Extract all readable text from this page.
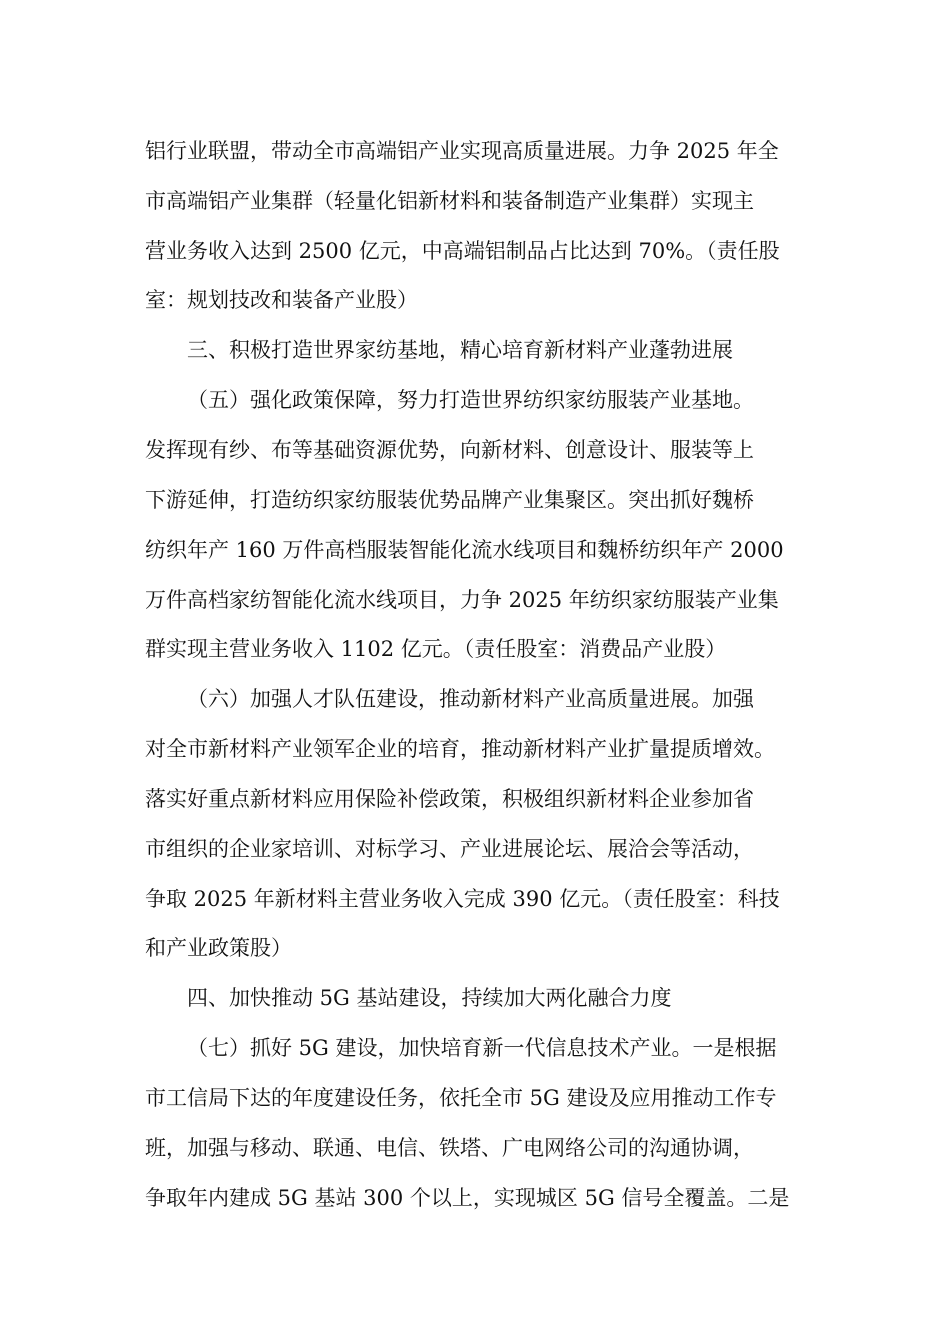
铝行业联盟，带动全市高端铝产业实现高质量进展。力争 2025 年全
市高端铝产业集群（轻量化铝新材料和装备制造产业集群）实现主
营业务收入达到 2500 亿元，中高端铝制品占比达到 70%。（责任股
室：规划技改和装备产业股）
三、积极打造世界家纺基地，精心培育新材料产业蓬勃进展
（五）强化政策保障，努力打造世界纺织家纺服装产业基地。
发挥现有纱、布等基础资源优势，向新材料、创意设计、服装等上
下游延伸，打造纺织家纺服装优势品牌产业集聚区。突出抓好魏桥
纺织年产 160 万件高档服装智能化流水线项目和魏桥纺织年产 2000
万件高档家纺智能化流水线项目，力争 2025 年纺织家纺服装产业集
群实现主营业务收入 1102 亿元。（责任股室：消费品产业股）
（六）加强人才队伍建设，推动新材料产业高质量进展。加强
对全市新材料产业领军企业的培育，推动新材料产业扩量提质增效。
落实好重点新材料应用保险补偿政策，积极组织新材料企业参加省
市组织的企业家培训、对标学习、产业进展论坛、展洽会等活动，
争取 2025 年新材料主营业务收入完成 390 亿元。（责任股室：科技
和产业政策股）
四、加快推动 5G 基站建设，持续加大两化融合力度
（七）抓好 5G 建设，加快培育新一代信息技术产业。一是根据
市工信局下达的年度建设任务，依托全市 5G 建设及应用推动工作专
班，加强与移动、联通、电信、铁塔、广电网络公司的沟通协调，
争取年内建成 5G 基站 300 个以上，实现城区 5G 信号全覆盖。二是
